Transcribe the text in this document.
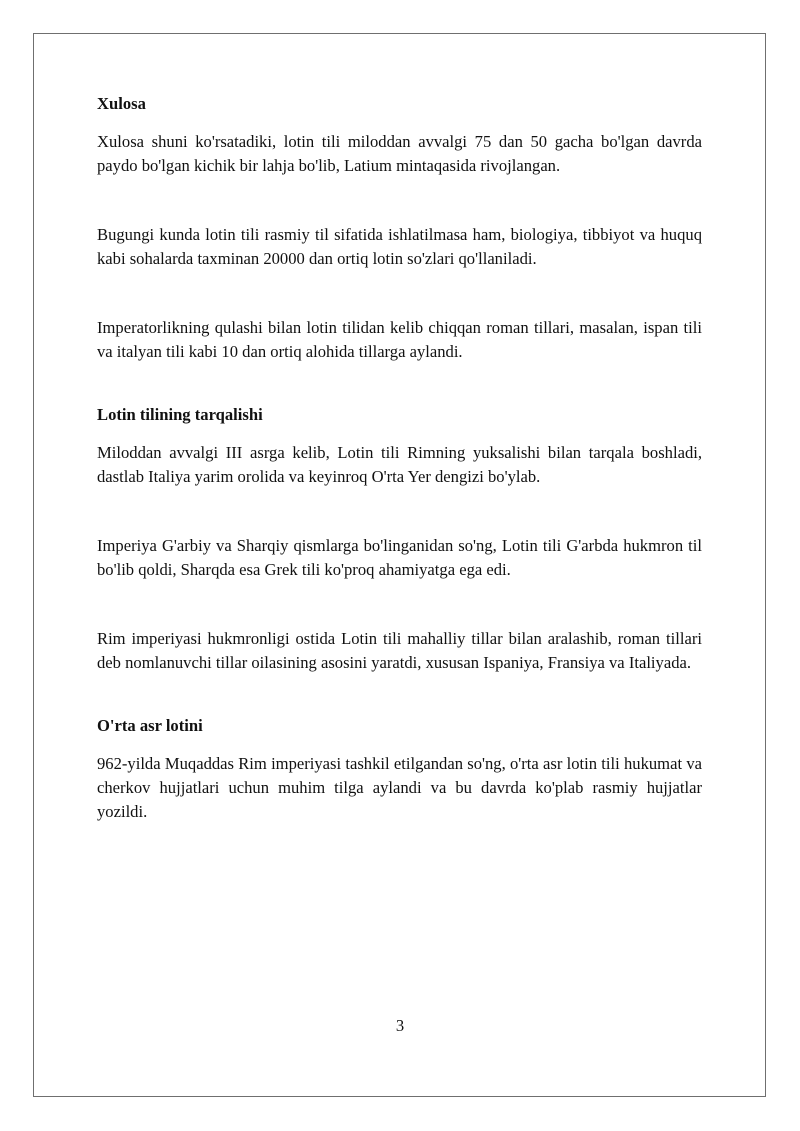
Xulosa

Xulosa shuni ko'rsatadiki, lotin tili miloddan avvalgi 75 dan 50 gacha bo'lgan davrda paydo bo'lgan kichik bir lahja bo'lib, Latium mintaqasida rivojlangan.

Bugungi kunda lotin tili rasmiy til sifatida ishlatilmasa ham, biologiya, tibbiyot va huquq kabi sohalarda taxminan 20000 dan ortiq lotin so'zlari qo'llaniladi.

Imperatorlikning qulashi bilan lotin tilidan kelib chiqqan roman tillari, masalan, ispan tili va italyan tili kabi 10 dan ortiq alohida tillarga aylandi.

Lotin tilining tarqalishi

Miloddan avvalgi III asrga kelib, Lotin tili Rimning yuksalishi bilan tarqala boshladi, dastlab Italiya yarim orolida va keyinroq O'rta Yer dengizi bo'ylab.

Imperiya G'arbiy va Sharqiy qismlarga bo'linganidan so'ng, Lotin tili G'arbda hukmron til bo'lib qoldi, Sharqda esa Grek tili ko'proq ahamiyatga ega edi.

Rim imperiyasi hukmronligi ostida Lotin tili mahalliy tillar bilan aralashib, roman tillari deb nomlanuvchi tillar oilasining asosini yaratdi, xususan Ispaniya, Fransiya va Italiyada.

O'rta asr lotini

962-yilda Muqaddas Rim imperiyasi tashkil etilgandan so'ng, o'rta asr lotin tili hukumat va cherkov hujjatlari uchun muhim tilga aylandi va bu davrda ko'plab rasmiy hujjatlar yozildi.

3
